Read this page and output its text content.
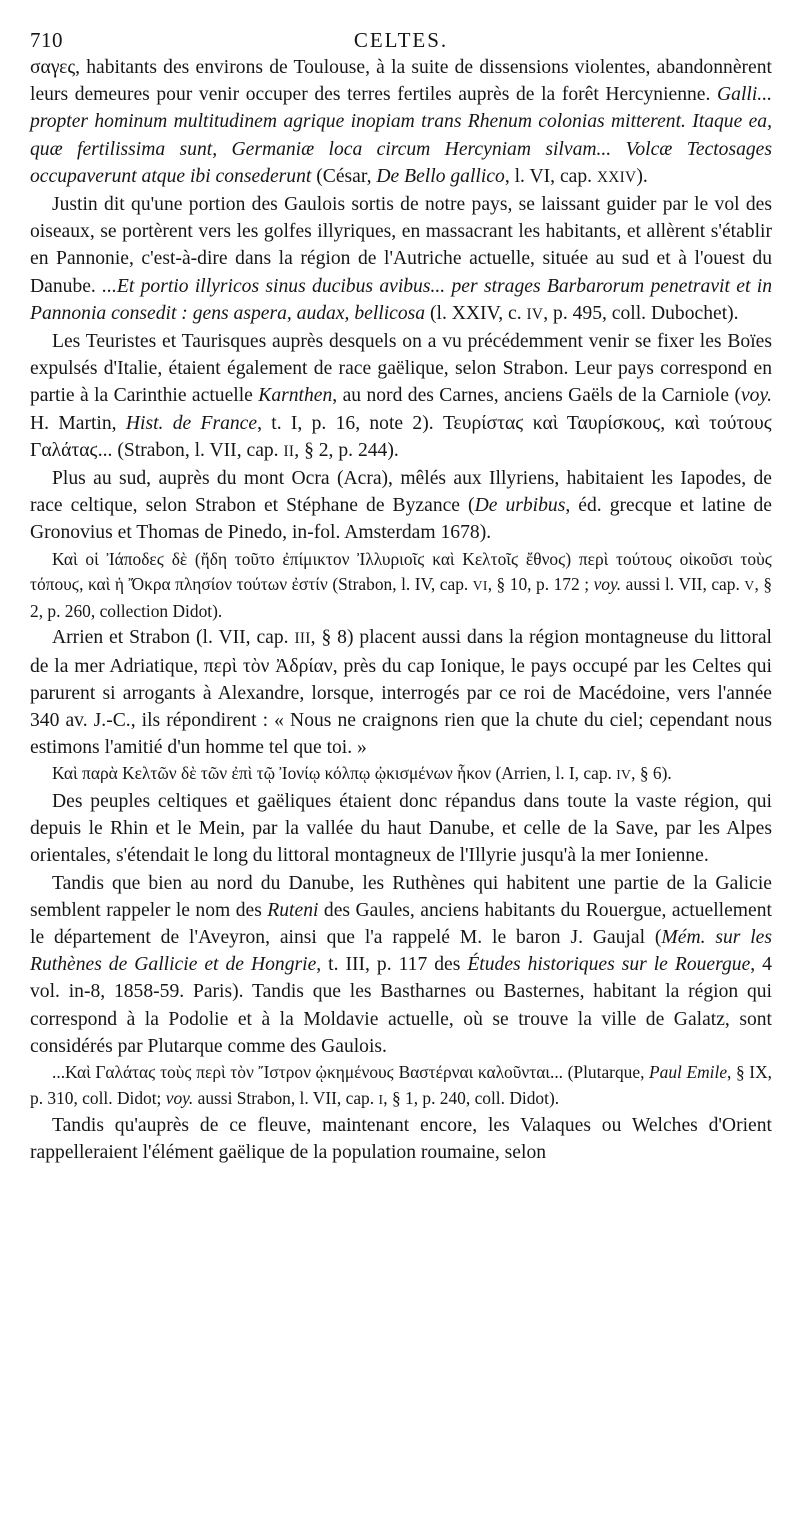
710	CELTES.

σαγες, habitants des environs de Toulouse, à la suite de dissensions violentes, abandonnèrent leurs demeures pour venir occuper des terres fertiles auprès de la forêt Hercynienne. Galli... propter hominum multitudinem agrique inopiam trans Rhenum colonias mitterent. Itaque ea, quæ fertilissima sunt, Germaniæ loca circum Hercyniam silvam... Volcæ Tectosages occupaverunt atque ibi consederunt (César, De Bello gallico, l. VI, cap. XXIV).

Justin dit qu'une portion des Gaulois sortis de notre pays, se laissant guider par le vol des oiseaux, se portèrent vers les golfes illyriques, en massacrant les habitants, et allèrent s'établir en Pannonie, c'est-à-dire dans la région de l'Autriche actuelle, située au sud et à l'ouest du Danube. ...Et portio illyricos sinus ducibus avibus... per strages Barbarorum penetravit et in Pannonia consedit : gens aspera, audax, bellicosa (l. XXIV, c. IV, p. 495, coll. Dubochet).

Les Teuristes et Taurisques auprès desquels on a vu précédemment venir se fixer les Boïes expulsés d'Italie, étaient également de race gaëlique, selon Strabon. Leur pays correspond en partie à la Carinthie actuelle Karnthen, au nord des Carnes, anciens Gaëls de la Carniole (voy. H. Martin, Hist. de France, t. I, p. 16, note 2). Τευρίσταϛ καὶ Ταυρίσκουϛ, καὶ τούτουϛ Γαλάταϛ... (Strabon, l. VII, cap. II, § 2, p. 244).

Plus au sud, auprès du mont Ocra (Acra), mêlés aux Illyriens, habitaient les Iapodes, de race celtique, selon Strabon et Stéphane de Byzance (De urbibus, éd. grecque et latine de Gronovius et Thomas de Pinedo, in-fol. Amsterdam 1678).

Καὶ οἱ Ἰάποδεϛ δὲ (ἤδη τοῦτο ἐπίμικτον Ἰλλυριοῖϛ καὶ Κελτοῖϛ ἔθνοϛ) περὶ τούτουϛ οἰκοῦσι τοὺϛ τόπουϛ, καὶ ἡ Ὄκρα πλησίον τούτων ἐστίν (Strabon, l. IV, cap. VI, § 10, p. 172 ; voy. aussi l. VII, cap. V, § 2, p. 260, collection Didot).

Arrien et Strabon (l. VII, cap. III, § 8) placent aussi dans la région montagneuse du littoral de la mer Adriatique, περὶ τὸν Ἀδρίαν, près du cap Ionique, le pays occupé par les Celtes qui parurent si arrogants à Alexandre, lorsque, interrogés par ce roi de Macédoine, vers l'année 340 av. J.-C., ils répondirent : « Nous ne craignons rien que la chute du ciel; cependant nous estimons l'amitié d'un homme tel que toi. »

Καὶ παρὰ Κελτῶν δὲ τῶν ἐπὶ τῷ Ἰονίῳ κόλπῳ ᾠκισμένων ἧκον (Arrien, l. I, cap. IV, § 6).

Des peuples celtiques et gaëliques étaient donc répandus dans toute la vaste région, qui depuis le Rhin et le Mein, par la vallée du haut Danube, et celle de la Save, par les Alpes orientales, s'étendait le long du littoral montagneux de l'Illyrie jusqu'à la mer Ionienne.

Tandis que bien au nord du Danube, les Ruthènes qui habitent une partie de la Galicie semblent rappeler le nom des Ruteni des Gaules, anciens habitants du Rouergue, actuellement le département de l'Aveyron, ainsi que l'a rappelé M. le baron J. Gaujal (Mém. sur les Ruthènes de Gallicie et de Hongrie, t. III, p. 117 des Études historiques sur le Rouergue, 4 vol. in-8, 1858-59. Paris). Tandis que les Bastharnes ou Basternes, habitant la région qui correspond à la Podolie et à la Moldavie actuelle, où se trouve la ville de Galatz, sont considérés par Plutarque comme des Gaulois.

...Καὶ Γαλάταϛ τοὺϛ περὶ τὸν Ἴστρον ᾠκημένουϛ Βαστέρναι καλοῦνται... (Plutarque, Paul Emile, § IX, p. 310, coll. Didot; voy. aussi Strabon, l. VII, cap. I, § 1, p. 240, coll. Didot).

Tandis qu'auprès de ce fleuve, maintenant encore, les Valaques ou Welches d'Orient rappelleraient l'élément gaëlique de la population roumaine, selon
